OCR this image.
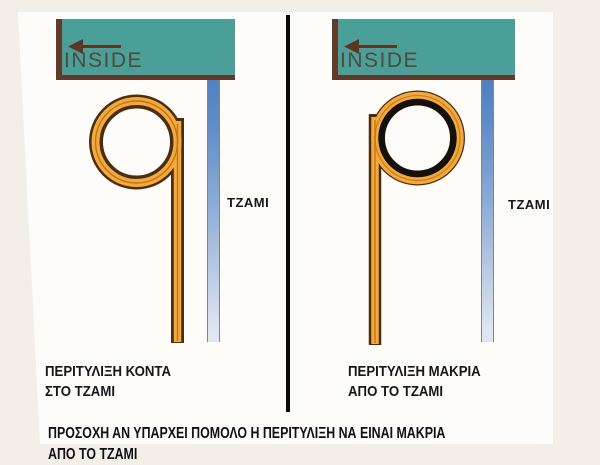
INSIDE	INSIDE
ΤΖΑΜΙ	ΤΖΑΜΙ
ΠΕΡΙΤΥΛΙΞΗ ΚΟΝΤΑ
ΣΤΟ ΤΖΑΜΙ
ΠΕΡΙΤΥΛΙΞΗ ΜΑΚΡΙΑ
ΑΠΟ ΤΟ ΤΖΑΜΙ
ΠΡΟΣΟΧΗ ΑΝ ΥΠΑΡΧΕΙ ΠΟΜΟΛΟ Η ΠΕΡΙΤΥΛΙΞΗ ΝΑ ΕΙΝΑΙ ΜΑΚΡΙΑ
ΑΠΟ ΤΟ ΤΖΑΜΙ
